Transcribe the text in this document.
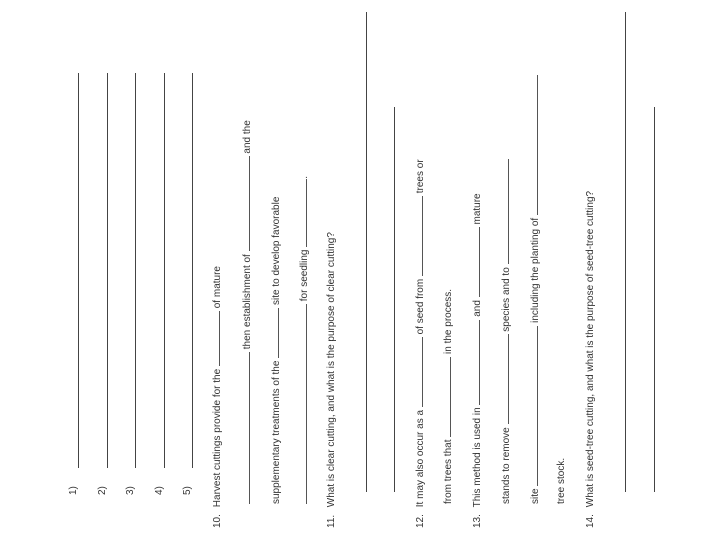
1) 2) 3) 4) 5)
10. Harvest cuttings provide for the  of mature then establishment of  and the
supplementary treatments of the  site to develop favorable for seedling .
11. What is clear cutting, and what is the purpose of clear cutting?
12. It may also occur as a  of seed from  trees or
from trees that  in the process.
13. This method is used in  and  mature
stands to remove  species and to
site  including the planting of
tree stock.
14. What is seed-tree cutting, and what is the purpose of seed-tree cutting?
